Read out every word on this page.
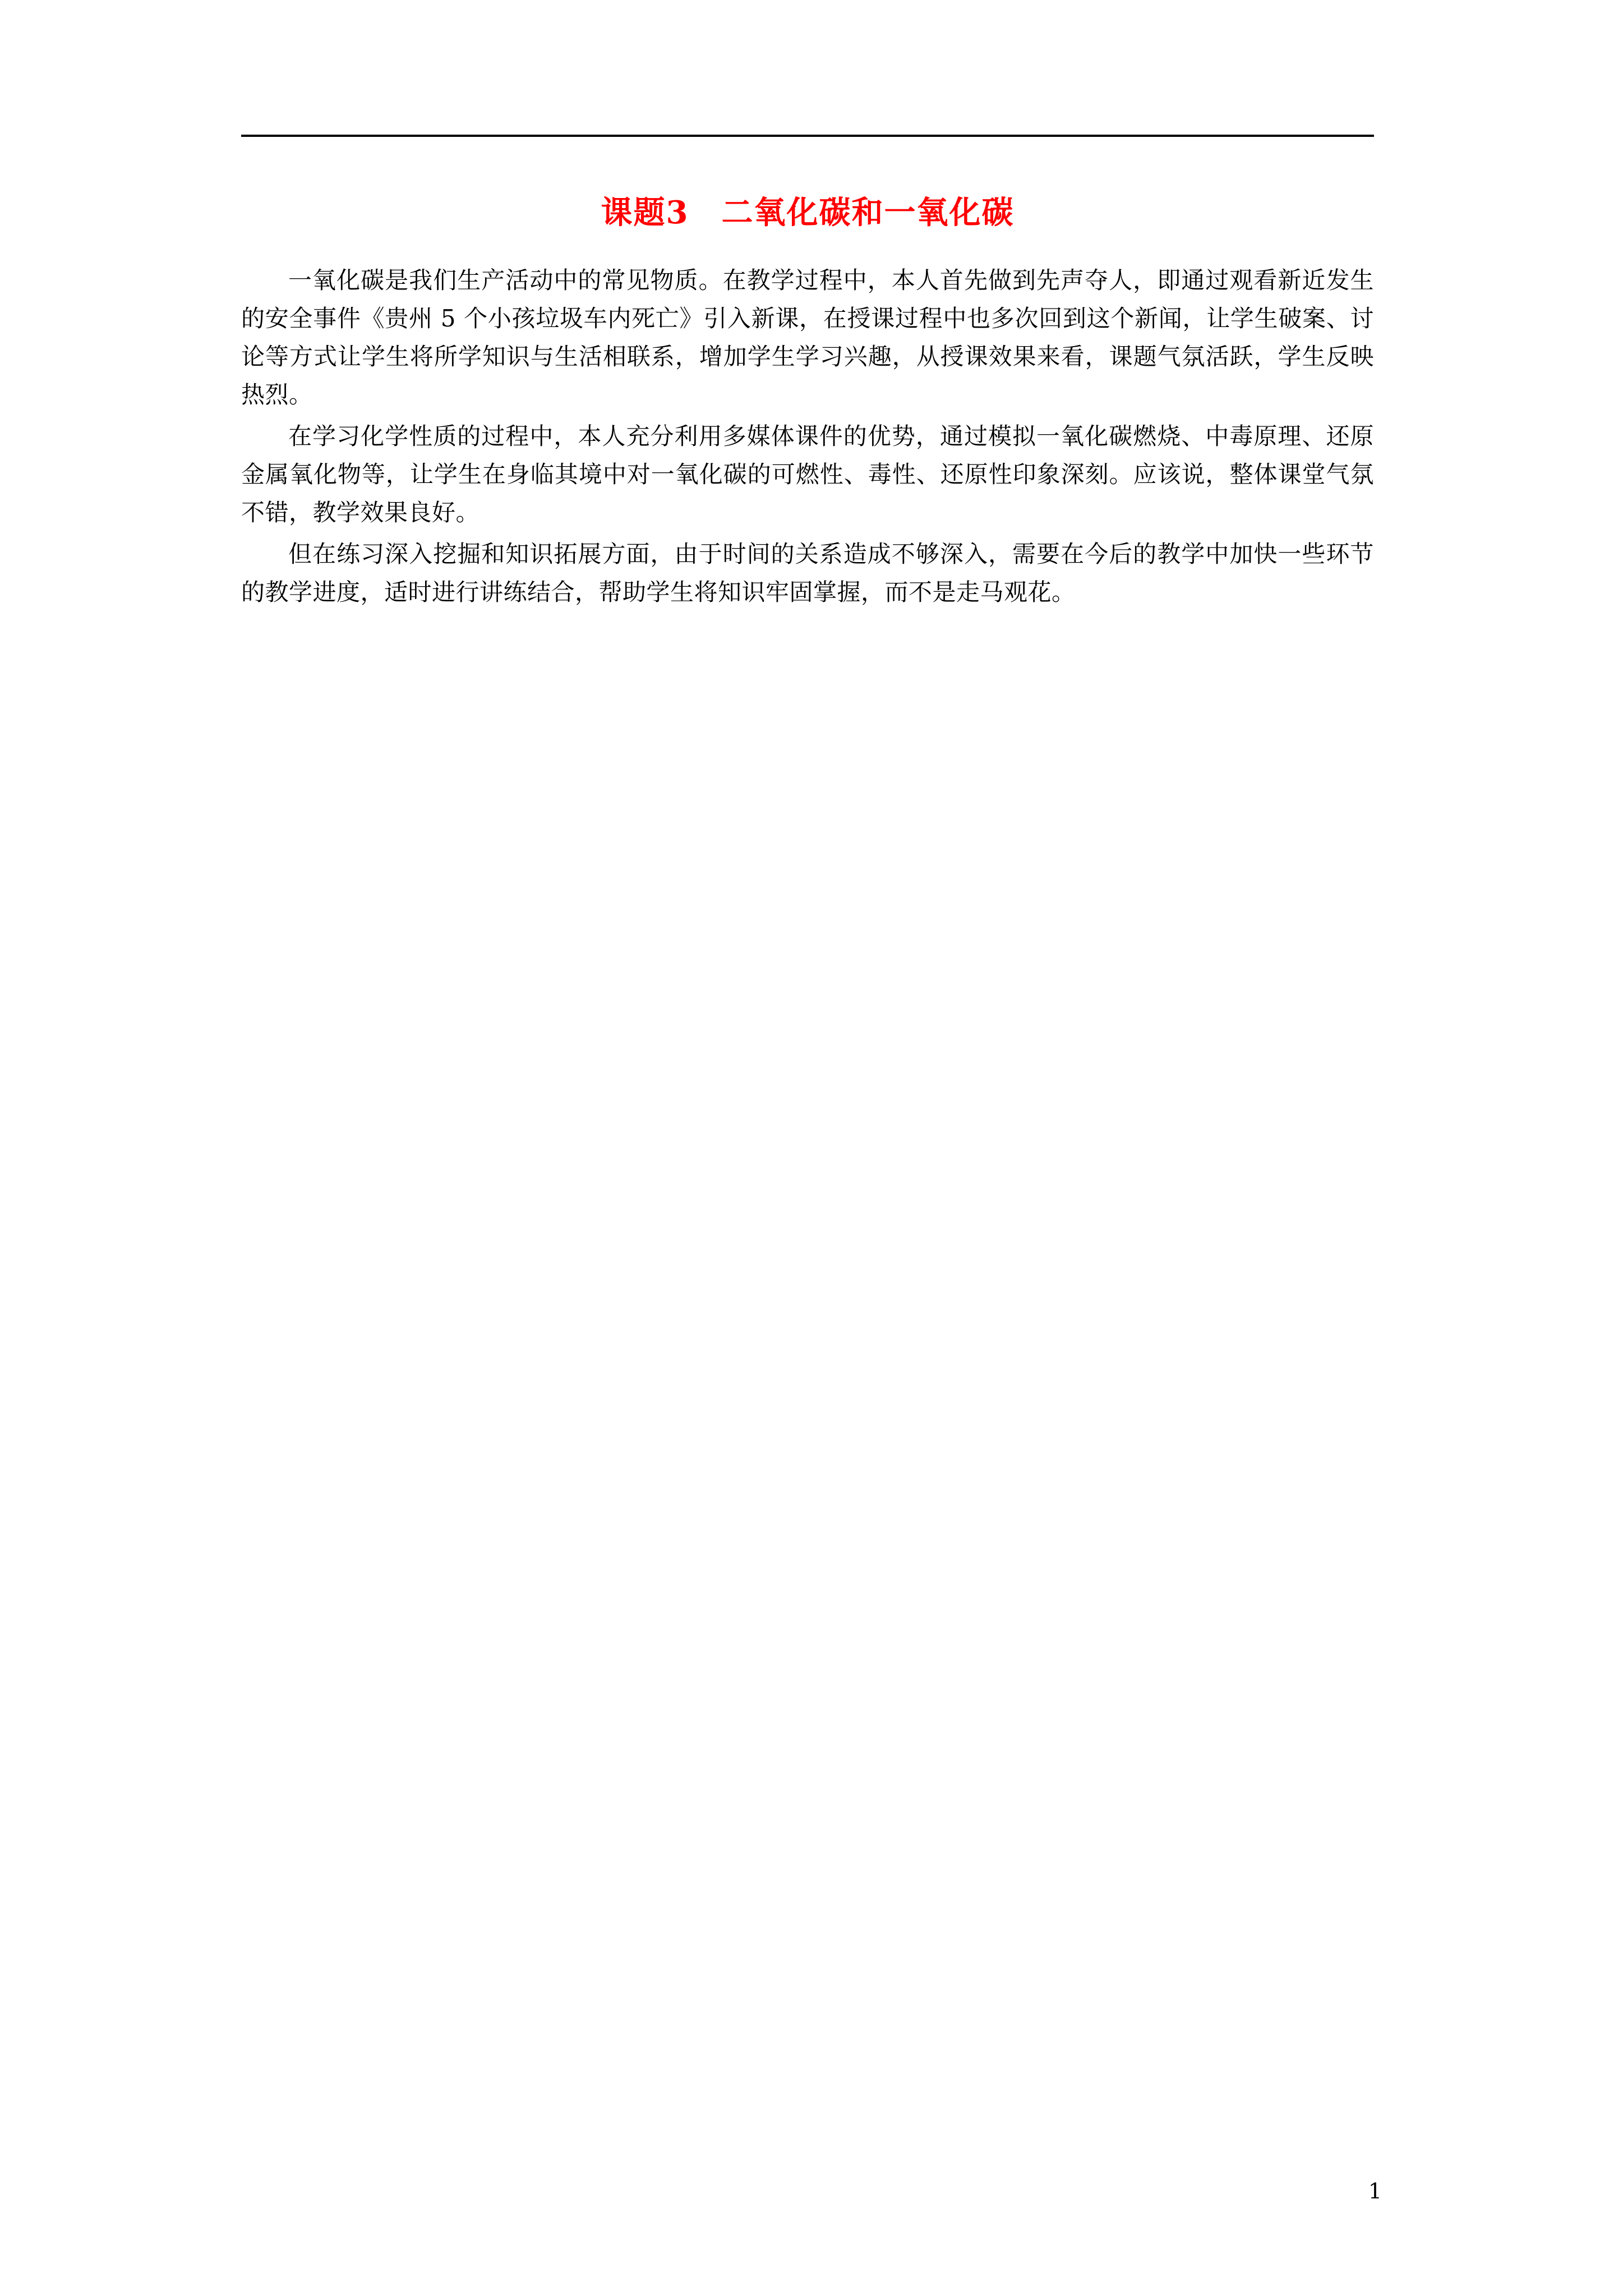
课题3　二氧化碳和一氧化碳

一氧化碳是我们生产活动中的常见物质。在教学过程中，本人首先做到先声夺人，即通过观看新近发生的安全事件《贵州 5 个小孩垃圾车内死亡》引入新课，在授课过程中也多次回到这个新闻，让学生破案、讨论等方式让学生将所学知识与生活相联系，增加学生学习兴趣，从授课效果来看，课题气氛活跃，学生反映热烈。

在学习化学性质的过程中，本人充分利用多媒体课件的优势，通过模拟一氧化碳燃烧、中毒原理、还原金属氧化物等，让学生在身临其境中对一氧化碳的可燃性、毒性、还原性印象深刻。应该说，整体课堂气氛不错，教学效果良好。

但在练习深入挖掘和知识拓展方面，由于时间的关系造成不够深入，需要在今后的教学中加快一些环节的教学进度，适时进行讲练结合，帮助学生将知识牢固掌握，而不是走马观花。

1
